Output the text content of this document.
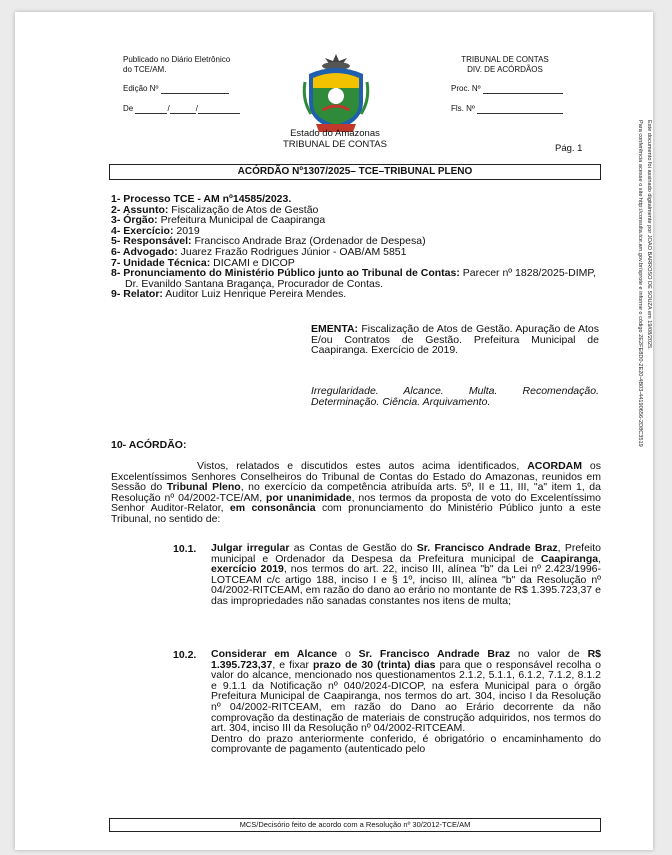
Publicado no Diário Eletrônico
do TCE/AM.
Edição Nº
De	/	/
TRIBUNAL DE CONTAS
DIV. DE ACÓRDÃOS
Proc. Nº
Fls. Nº
Estado do Amazonas
TRIBUNAL DE CONTAS	Pág. 1
ACÓRDÃO Nº1307/2025– TCE–TRIBUNAL PLENO
1- Processo TCE - AM nº14585/2023.
2- Assunto: Fiscalização de Atos de Gestão
3- Órgão: Prefeitura Municipal de Caapiranga
4- Exercício: 2019
5- Responsável: Francisco Andrade Braz (Ordenador de Despesa)
6- Advogado: Juarez Frazão Rodrigues Júnior - OAB/AM 5851
7- Unidade Técnica: DICAMI e DICOP
8- Pronunciamento do Ministério Público junto ao Tribunal de Contas: Parecer nº 1828/2025-DIMP, Dr. Evanildo Santana Bragança, Procurador de Contas.
9- Relator: Auditor Luiz Henrique Pereira Mendes.
EMENTA: Fiscalização de Atos de Gestão. Apuração de Atos E/ou Contratos de Gestão. Prefeitura Municipal de Caapiranga. Exercício de 2019.
Irregularidade. Alcance. Multa. Recomendação. Determinação. Ciência. Arquivamento.
10- ACÓRDÃO:
Vistos, relatados e discutidos estes autos acima identificados, ACORDAM os Excelentíssimos Senhores Conselheiros do Tribunal de Contas do Estado do Amazonas, reunidos em Sessão do Tribunal Pleno, no exercício da competência atribuída arts. 5º, II e 11, III, "a" item 1, da Resolução nº 04/2002-TCE/AM, por unanimidade, nos termos da proposta de voto do Excelentíssimo Senhor Auditor-Relator, em consonância com pronunciamento do Ministério Público junto a este Tribunal, no sentido de:
10.1. Julgar irregular as Contas de Gestão do Sr. Francisco Andrade Braz, Prefeito municipal e Ordenador da Despesa da Prefeitura municipal de Caapiranga, exercício 2019, nos termos do art. 22, inciso III, alínea "b" da Lei nº 2.423/1996-LOTCEAM c/c artigo 188, inciso I e § 1º, inciso III, alínea "b" da Resolução nº 04/2002-RITCEAM, em razão do dano ao erário no montante de R$ 1.395.723,37 e das impropriedades não sanadas constantes nos itens de multa;
10.2. Considerar em Alcance o Sr. Francisco Andrade Braz no valor de R$ 1.395.723,37, e fixar prazo de 30 (trinta) dias para que o responsável recolha o valor do alcance, mencionado nos questionamentos 2.1.2, 5.1.1, 6.1.2, 7.1.2, 8.1.2 e 9.1.1 da Notificação nº 040/2024-DICOP, na esfera Municipal para o órgão Prefeitura Municipal de Caapiranga, nos termos do art. 304, inciso I da Resolução nº 04/2002-RITCEAM, em razão do Dano ao Erário decorrente da não comprovação da destinação de materiais de construção adquiridos, nos termos do art. 304, inciso III da Resolução nº 04/2002-RITCEAM.
Dentro do prazo anteriormente conferido, é obrigatório o encaminhamento do comprovante de pagamento (autenticado pelo
MCS/Decisório feito de acordo com a Resolução nº 30/2012-TCE/AM
Este documento foi assinado digitalmente por JOAO BARROSO DE SOUZA em 19/08/2025.
Para conferência acesse o site http://consulta.tce.am.gov.br/sprote e informe o código 2E2FE8D0-2E20-4B03-44190656-2D8C3519
